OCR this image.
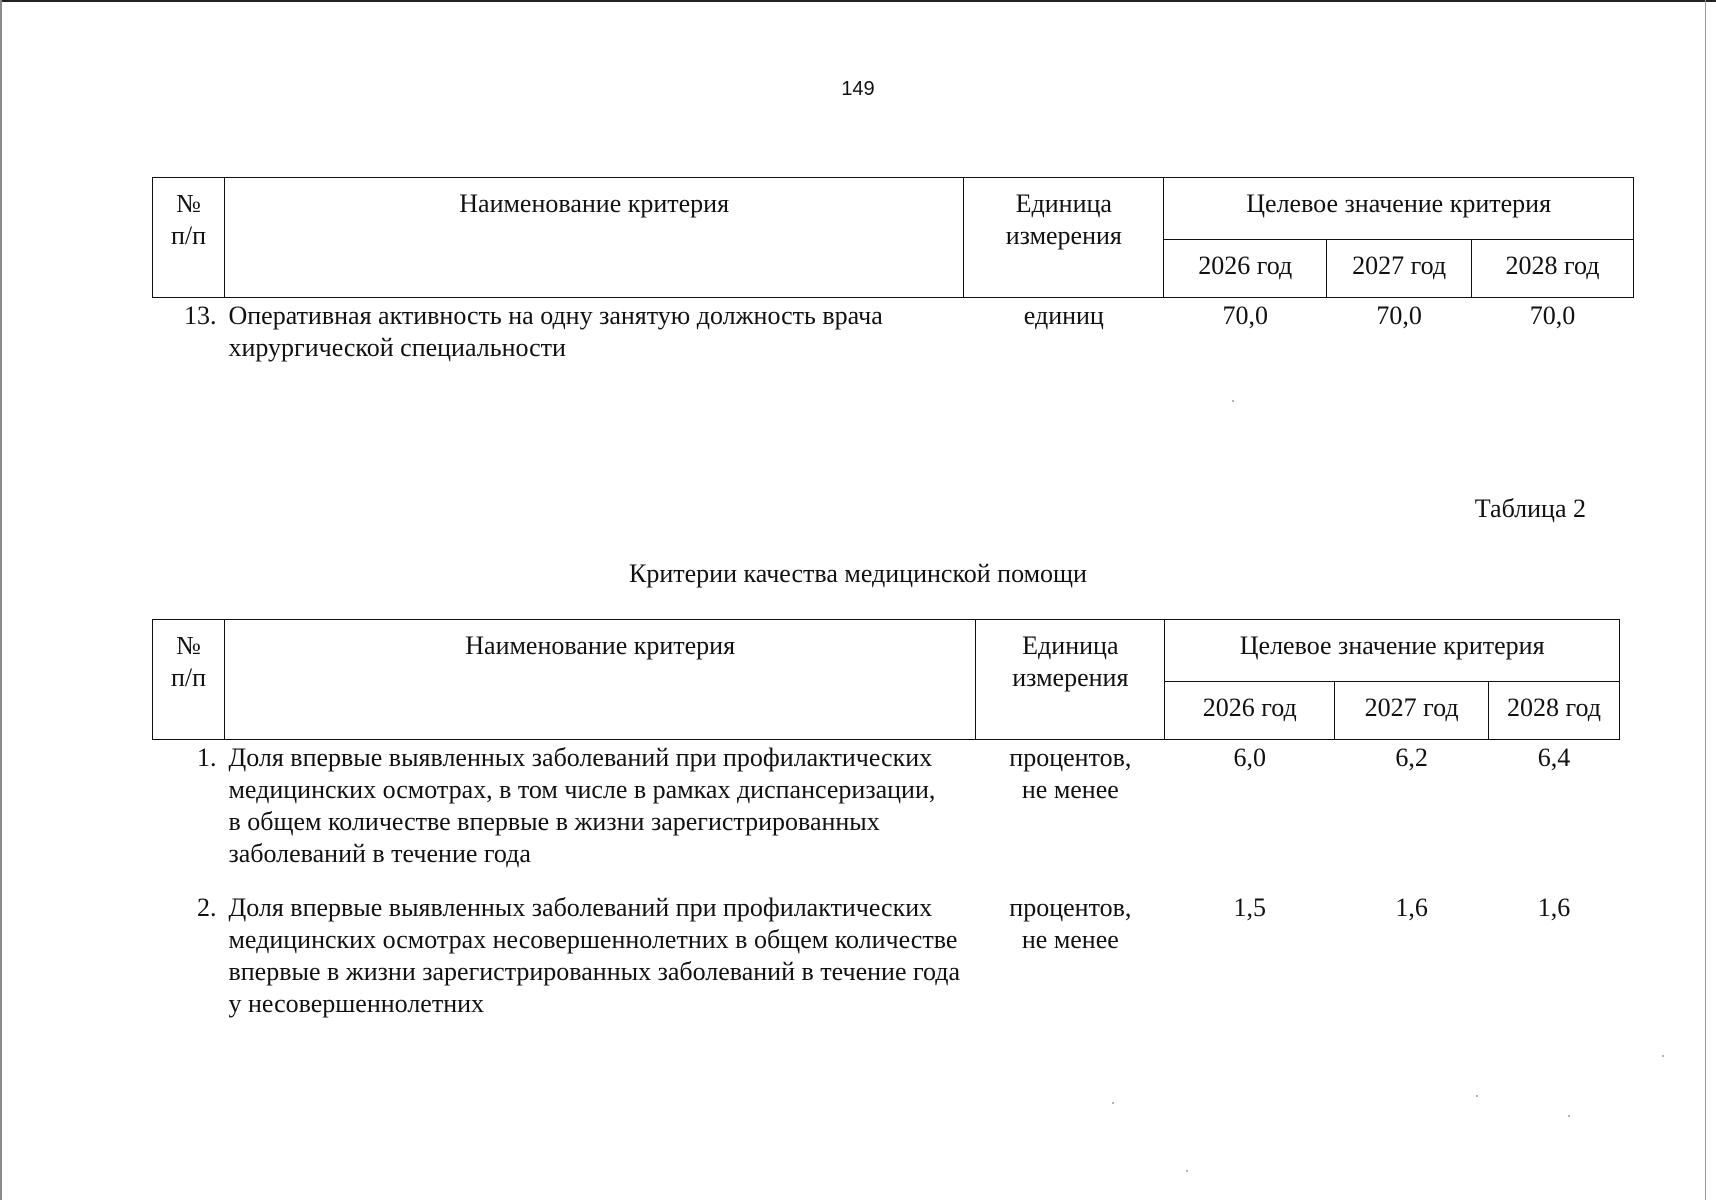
149
№ п/п	Наименование критерия	Единица измерения	Целевое значение критерия		
			2026 год	2027 год	2028 год
13.	Оперативная активность на одну занятую должность врача хирургической специальности	единиц	70,0	70,0	70,0
Таблица 2
Критерии качества медицинской помощи
№ п/п	Наименование критерия	Единица измерения	Целевое значение критерия		
			2026 год	2027 год	2028 год
1.	Доля впервые выявленных заболеваний при профилактических медицинских осмотрах, в том числе в рамках диспансеризации, в общем количестве впервые в жизни зарегистрированных заболеваний в течение года	процентов, не менее	6,0	6,2	6,4
2.	Доля впервые выявленных заболеваний при профилактических медицинских осмотрах несовершеннолетних в общем количестве впервые в жизни зарегистрированных заболеваний в течение года у несовершеннолетних	процентов, не менее	1,5	1,6	1,6
